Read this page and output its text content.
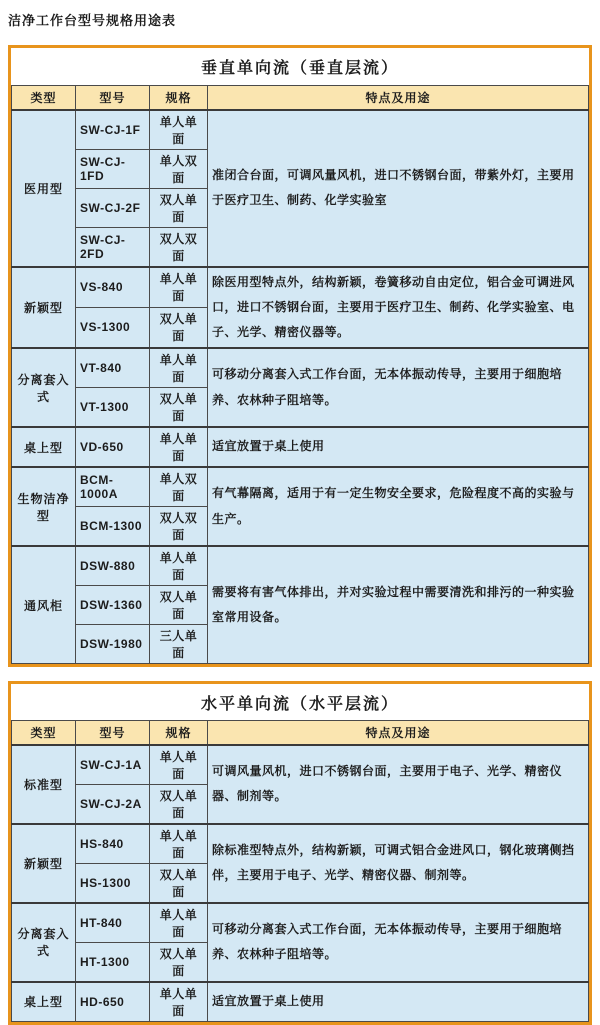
洁净工作台型号规格用途表
垂直单向流（垂直层流）
类型	型号	规格	特点及用途
医用型	SW-CJ-1F	单人单面	准闭合台面，可调风量风机，进口不锈钢台面，带紫外灯，主要用于医疗卫生、制药、化学实验室
	SW-CJ-1FD	单人双面	
	SW-CJ-2F	双人单面	
	SW-CJ-2FD	双人双面	
新颖型	VS-840	单人单面	除医用型特点外，结构新颖，卷簧移动自由定位，铝合金可调进风口，进口不锈钢台面，主要用于医疗卫生、制药、化学实验室、电子、光学、精密仪器等。
	VS-1300	双人单面	
分离套入式	VT-840	单人单面	可移动分离套入式工作台面，无本体振动传导，主要用于细胞培养、农林种子阻培等。
	VT-1300	双人单面	
桌上型	VD-650	单人单面	适宜放置于桌上使用
生物洁净型	BCM-1000A	单人双面	有气幕隔离，适用于有一定生物安全要求，危险程度不高的实验与生产。
	BCM-1300	双人双面	
通风柜	DSW-880	单人单面	需要将有害气体排出，并对实验过程中需要清洗和排污的一种实验室常用设备。
	DSW-1360	双人单面	
	DSW-1980	三人单面	
水平单向流（水平层流）
类型	型号	规格	特点及用途
标准型	SW-CJ-1A	单人单面	可调风量风机，进口不锈钢台面，主要用于电子、光学、精密仪器、制剂等。
	SW-CJ-2A	双人单面	
新颖型	HS-840	单人单面	除标准型特点外，结构新颖，可调式铝合金进风口，钢化玻璃侧挡伴，主要用于电子、光学、精密仪器、制剂等。
	HS-1300	双人单面	
分离套入式	HT-840	单人单面	可移动分离套入式工作台面，无本体振动传导，主要用于细胞培养、农林种子阻培等。
	HT-1300	双人单面	
桌上型	HD-650	单人单面	适宜放置于桌上使用
